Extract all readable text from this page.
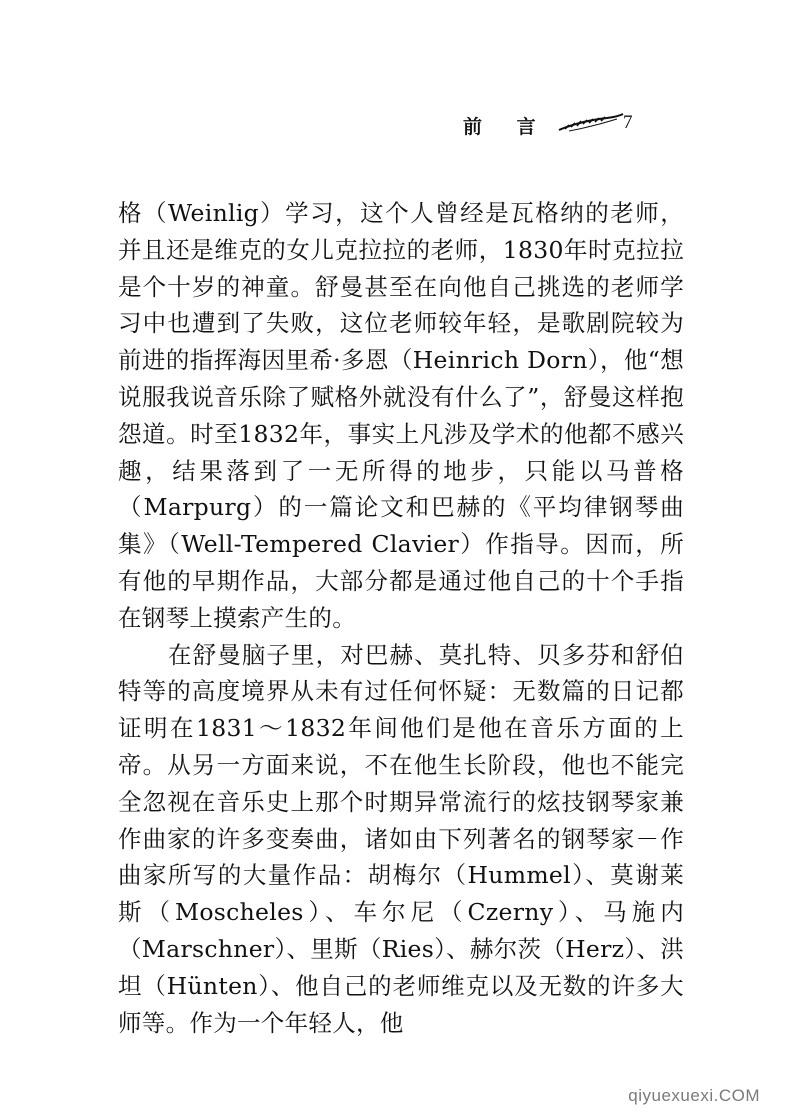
前 言	7

格（Weinlig）学习，这个人曾经是瓦格纳的老师，并且还是维克的女儿克拉拉的老师，1830年时克拉拉是个十岁的神童。舒曼甚至在向他自己挑选的老师学习中也遭到了失败，这位老师较年轻，是歌剧院较为前进的指挥海因里希·多恩（Heinrich Dorn），他“想说服我说音乐除了赋格外就没有什么了”，舒曼这样抱怨道。时至1832年，事实上凡涉及学术的他都不感兴趣，结果落到了一无所得的地步，只能以马普格（Marpurg）的一篇论文和巴赫的《平均律钢琴曲集》（Well-Tempered Clavier）作指导。因而，所有他的早期作品，大部分都是通过他自己的十个手指在钢琴上摸索产生的。

在舒曼脑子里，对巴赫、莫扎特、贝多芬和舒伯特等的高度境界从未有过任何怀疑：无数篇的日记都证明在1831～1832年间他们是他在音乐方面的上帝。从另一方面来说，不在他生长阶段，他也不能完全忽视在音乐史上那个时期异常流行的炫技钢琴家兼作曲家的许多变奏曲，诸如由下列著名的钢琴家－作曲家所写的大量作品：胡梅尔（Hummel）、莫谢莱斯（Moscheles）、车尔尼（Czerny）、马施内（Marschner）、里斯（Ries）、赫尔茨（Herz）、洪坦（Hünten）、他自己的老师维克以及无数的许多大师等。作为一个年轻人，他

qiyuexuexi.COM
